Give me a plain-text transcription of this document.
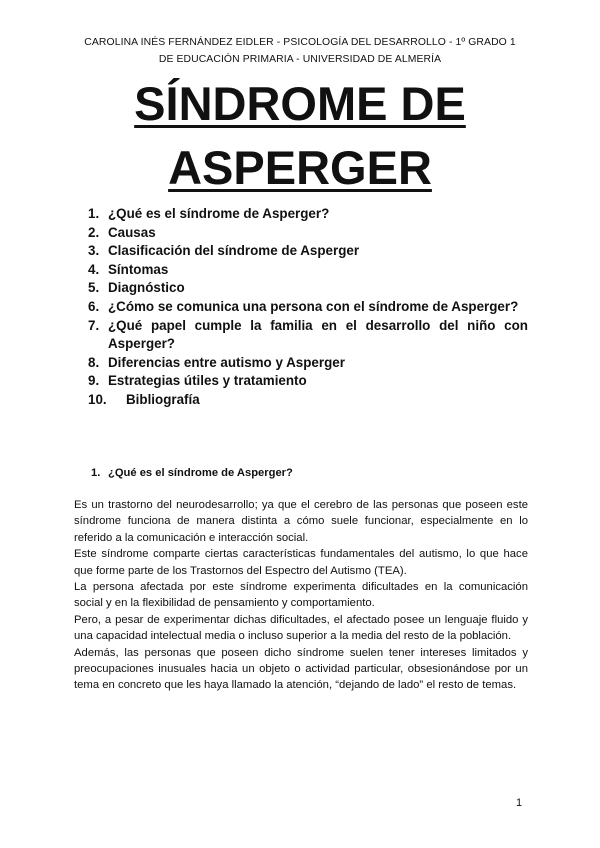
CAROLINA INÉS FERNÁNDEZ EIDLER - PSICOLOGÍA DEL DESARROLLO - 1º GRADO 1
DE EDUCACIÓN PRIMARIA - UNIVERSIDAD DE ALMERÍA
SÍNDROME DE
ASPERGER
1. ¿Qué es el síndrome de Asperger?
2. Causas
3. Clasificación del síndrome de Asperger
4. Síntomas
5. Diagnóstico
6. ¿Cómo se comunica una persona con el síndrome de Asperger?
7. ¿Qué papel cumple la familia en el desarrollo del niño con Asperger?
8. Diferencias entre autismo y Asperger
9. Estrategias útiles y tratamiento
10. Bibliografía
1. ¿Qué es el síndrome de Asperger?

Es un trastorno del neurodesarrollo; ya que el cerebro de las personas que poseen este síndrome funciona de manera distinta a cómo suele funcionar, especialmente en lo referido a la comunicación e interacción social.

Este síndrome comparte ciertas características fundamentales del autismo, lo que hace que forme parte de los Trastornos del Espectro del Autismo (TEA).

La persona afectada por este síndrome experimenta dificultades en la comunicación social y en la flexibilidad de pensamiento y comportamiento.

Pero, a pesar de experimentar dichas dificultades, el afectado posee un lenguaje fluido y una capacidad intelectual media o incluso superior a la media del resto de la población.

Además, las personas que poseen dicho síndrome suelen tener intereses limitados y preocupaciones inusuales hacia un objeto o actividad particular, obsesionándose por un tema en concreto que les haya llamado la atención, “dejando de lado” el resto de temas.

1
